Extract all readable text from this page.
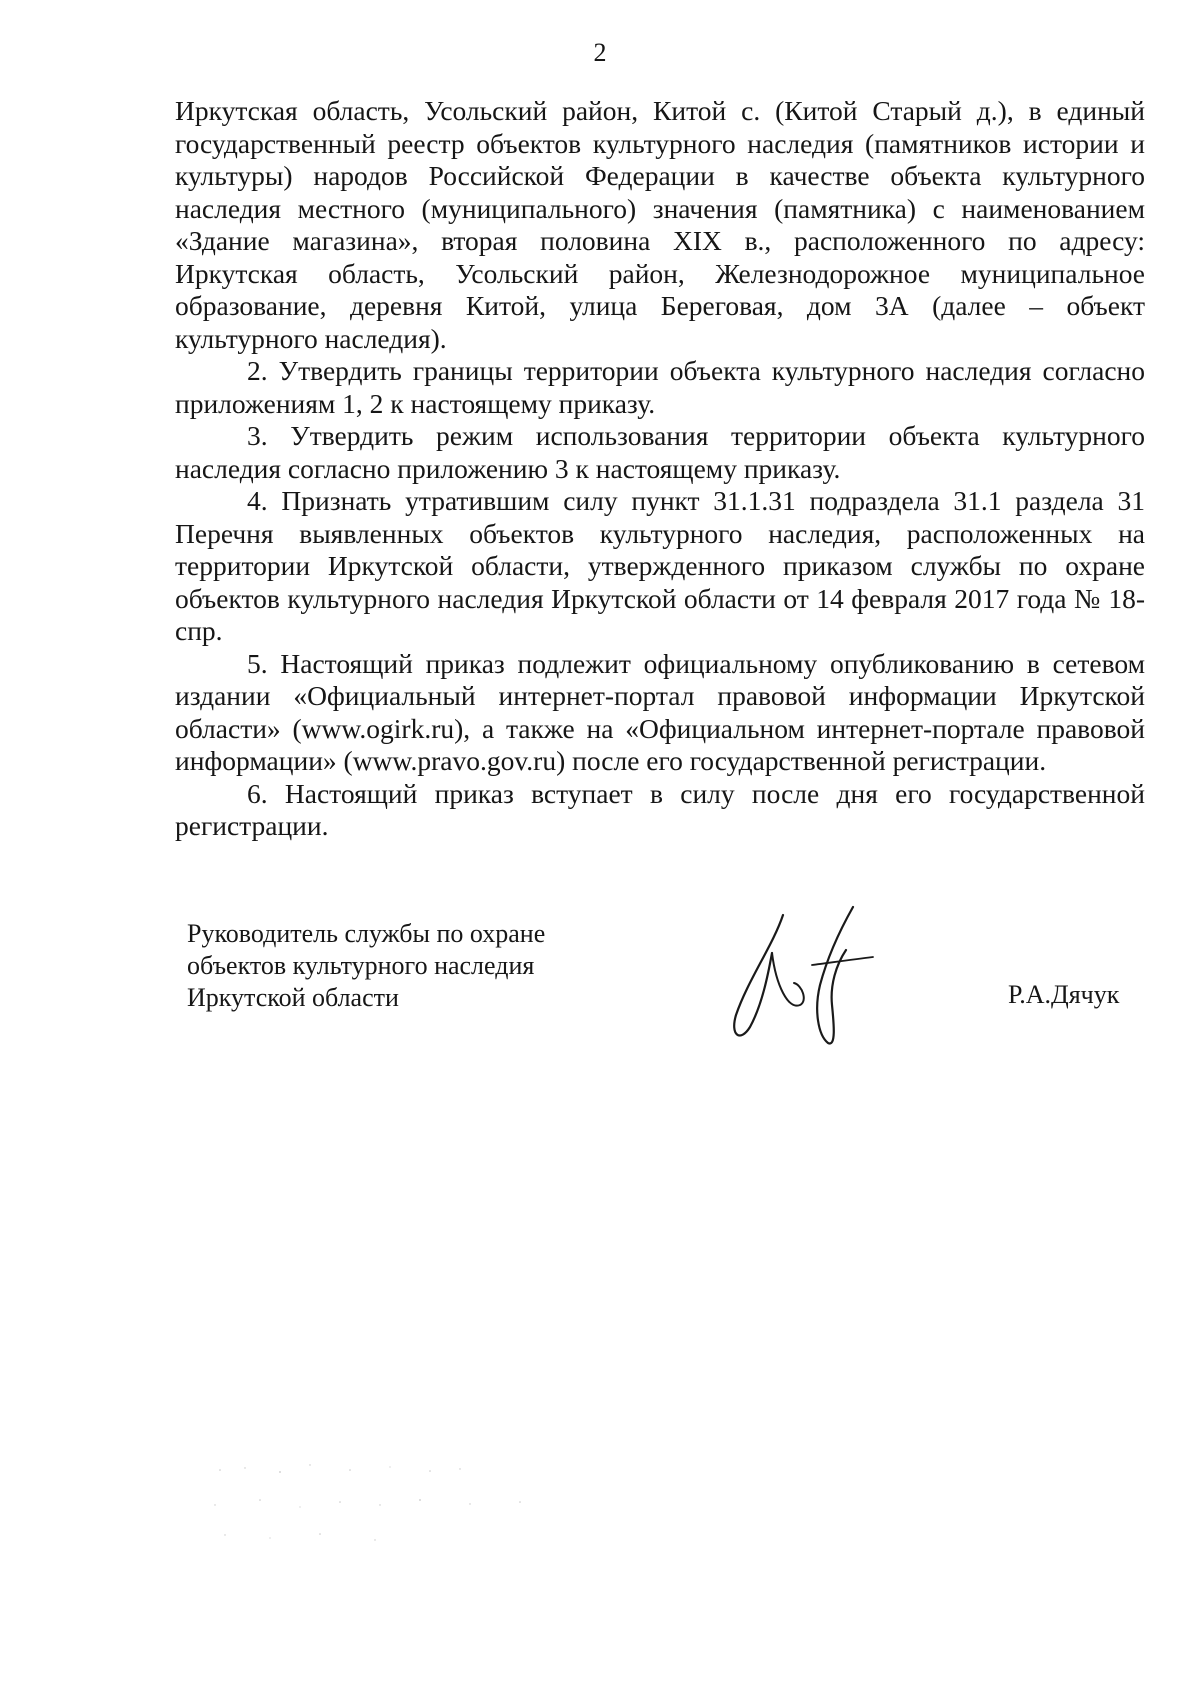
2

Иркутская область, Усольский район, Китой с. (Китой Старый д.), в единый государственный реестр объектов культурного наследия (памятников истории и культуры) народов Российской Федерации в качестве объекта культурного наследия местного (муниципального) значения (памятника) с наименованием «Здание магазина», вторая половина XIX в., расположенного по адресу: Иркутская область, Усольский район, Железнодорожное муниципальное образование, деревня Китой, улица Береговая, дом 3А (далее – объект культурного наследия).

2. Утвердить границы территории объекта культурного наследия согласно приложениям 1, 2 к настоящему приказу.

3. Утвердить режим использования территории объекта культурного наследия согласно приложению 3 к настоящему приказу.

4. Признать утратившим силу пункт 31.1.31 подраздела 31.1 раздела 31 Перечня выявленных объектов культурного наследия, расположенных на территории Иркутской области, утвержденного приказом службы по охране объектов культурного наследия Иркутской области от 14 февраля 2017 года № 18-спр.

5. Настоящий приказ подлежит официальному опубликованию в сетевом издании «Официальный интернет-портал правовой информации Иркутской области» (www.ogirk.ru), а также на «Официальном интернет-портале правовой информации» (www.pravo.gov.ru) после его государственной регистрации.

6. Настоящий приказ вступает в силу после дня его государственной регистрации.

Руководитель службы по охране
объектов культурного наследия
Иркутской области	Р.А.Дячук
